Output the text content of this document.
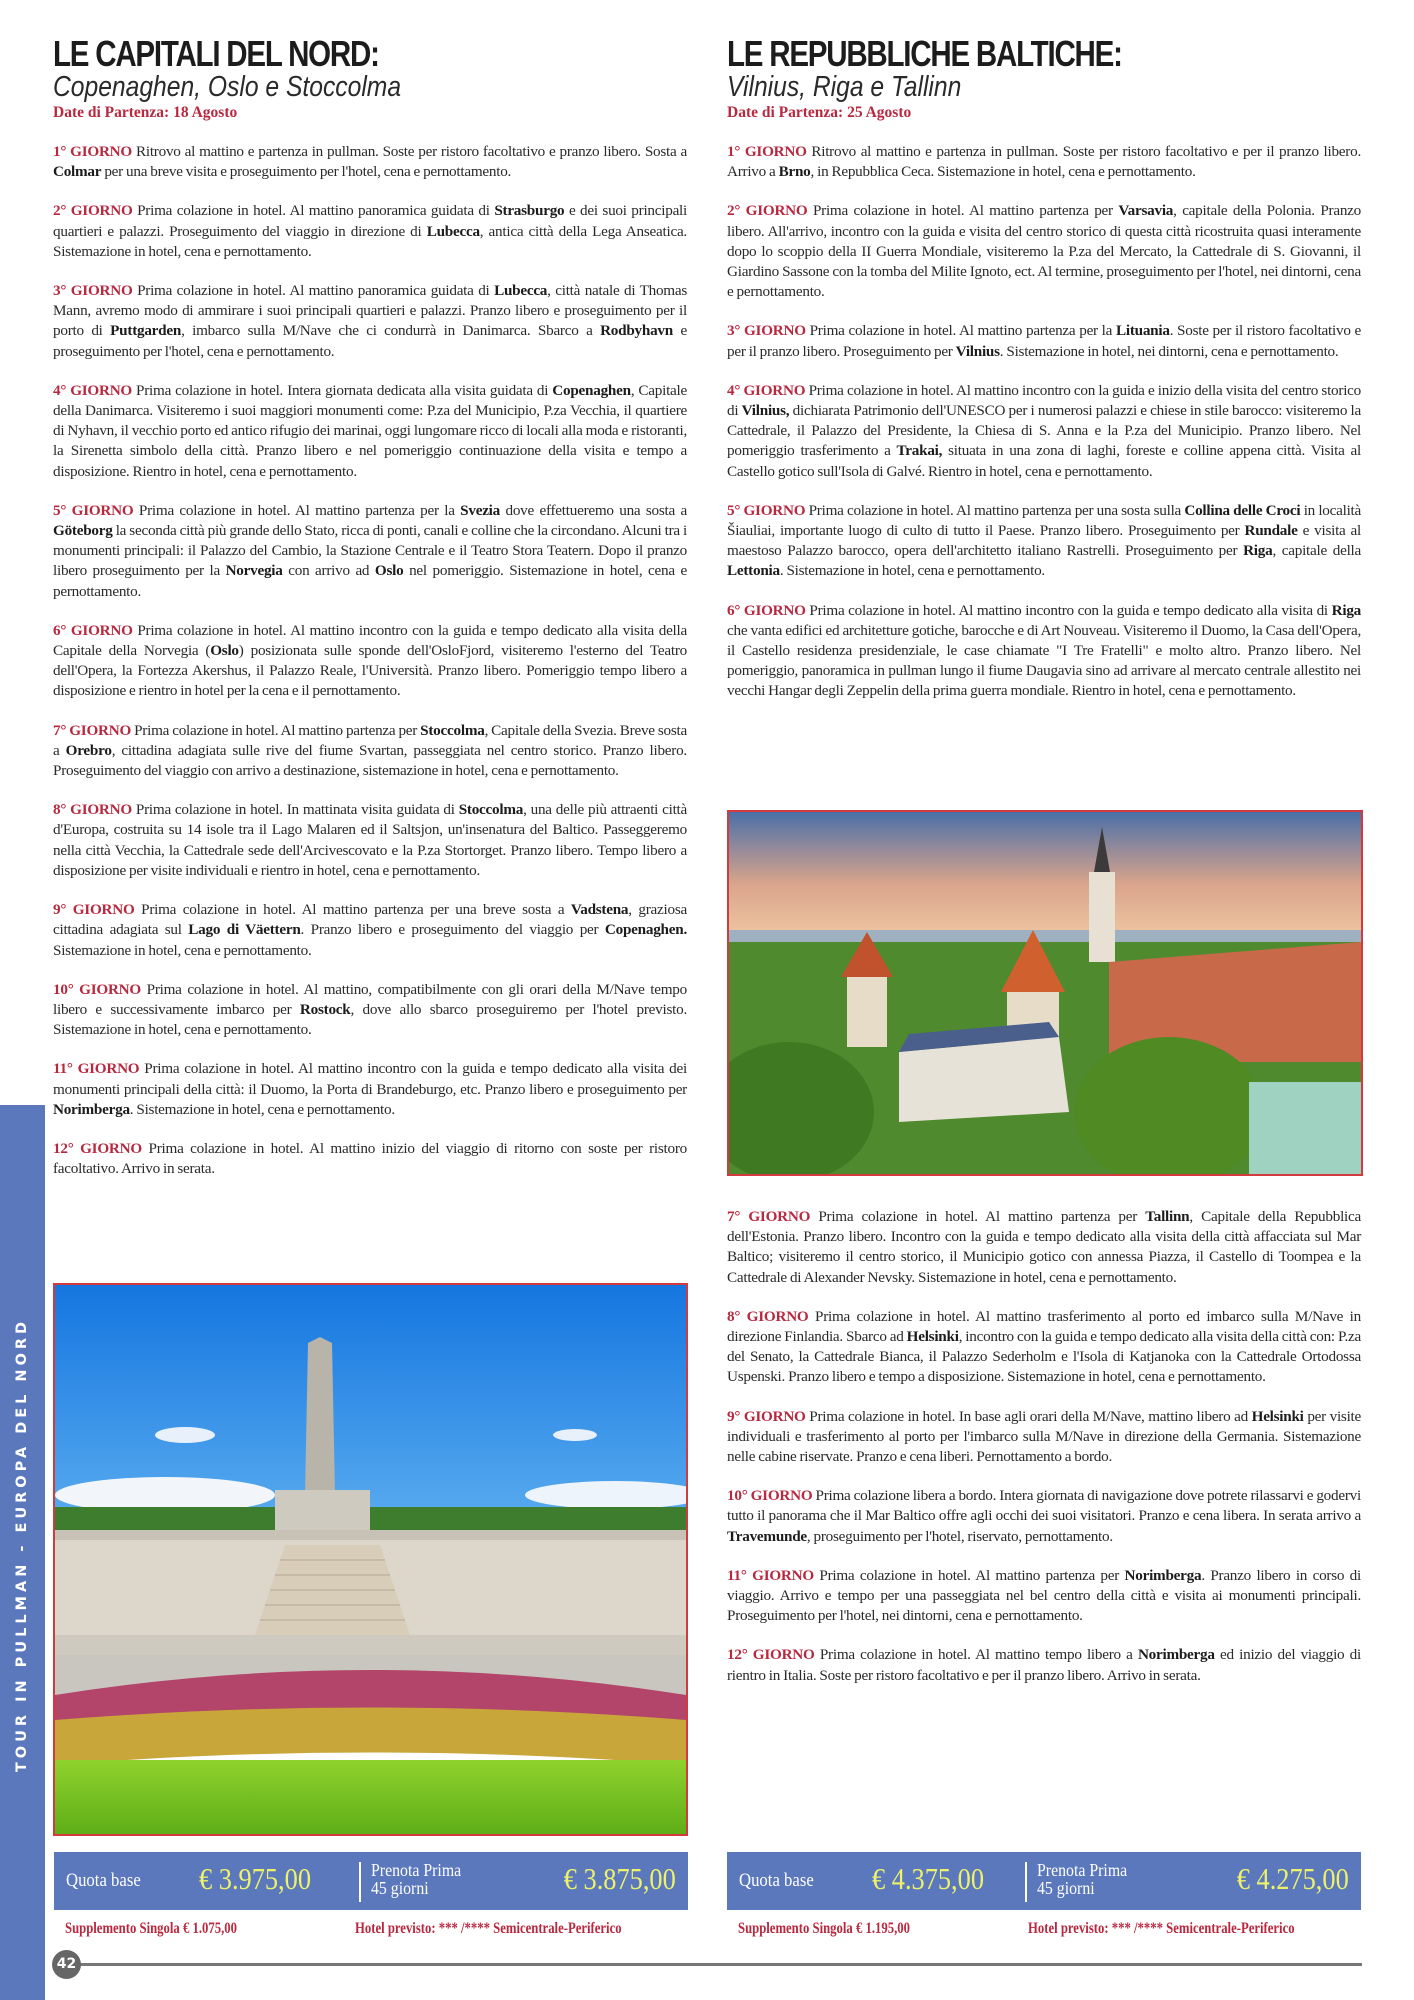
TOUR IN PULLMAN - EUROPA DEL NORD
LE CAPITALI DEL NORD:
Copenaghen, Oslo e Stoccolma
Date di Partenza: 18 Agosto

1° GIORNO Ritrovo al mattino e partenza in pullman. Soste per ristoro facoltativo e pranzo libero. Sosta a Colmar per una breve visita e proseguimento per l'hotel, cena e pernottamento.

2° GIORNO Prima colazione in hotel. Al mattino panoramica guidata di Strasburgo e dei suoi principali quartieri e palazzi. Proseguimento del viaggio in direzione di Lubecca, antica città della Lega Anseatica. Sistemazione in hotel, cena e pernottamento.

3° GIORNO Prima colazione in hotel. Al mattino panoramica guidata di Lubecca, città natale di Thomas Mann, avremo modo di ammirare i suoi principali quartieri e palazzi. Pranzo libero e proseguimento per il porto di Puttgarden, imbarco sulla M/Nave che ci condurrà in Danimarca. Sbarco a Rodbyhavn e proseguimento per l'hotel, cena e pernottamento.

4° GIORNO Prima colazione in hotel. Intera giornata dedicata alla visita guidata di Copenaghen, Capitale della Danimarca. Visiteremo i suoi maggiori monumenti come: P.za del Municipio, P.za Vecchia, il quartiere di Nyhavn, il vecchio porto ed antico rifugio dei marinai, oggi lungomare ricco di locali alla moda e ristoranti, la Sirenetta simbolo della città. Pranzo libero e nel pomeriggio continuazione della visita e tempo a disposizione. Rientro in hotel, cena e pernottamento.

5° GIORNO Prima colazione in hotel. Al mattino partenza per la Svezia dove effettueremo una sosta a Göteborg la seconda città più grande dello Stato, ricca di ponti, canali e colline che la circondano. Alcuni tra i monumenti principali: il Palazzo del Cambio, la Stazione Centrale e il Teatro Stora Teatern. Dopo il pranzo libero proseguimento per la Norvegia con arrivo ad Oslo nel pomeriggio. Sistemazione in hotel, cena e pernottamento.

6° GIORNO Prima colazione in hotel. Al mattino incontro con la guida e tempo dedicato alla visita della Capitale della Norvegia (Oslo) posizionata sulle sponde dell'OsloFjord, visiteremo l'esterno del Teatro dell'Opera, la Fortezza Akershus, il Palazzo Reale, l'Università. Pranzo libero. Pomeriggio tempo libero a disposizione e rientro in hotel per la cena e il pernottamento.

7° GIORNO Prima colazione in hotel. Al mattino partenza per Stoccolma, Capitale della Svezia. Breve sosta a Orebro, cittadina adagiata sulle rive del fiume Svartan, passeggiata nel centro storico. Pranzo libero. Proseguimento del viaggio con arrivo a destinazione, sistemazione in hotel, cena e pernottamento.

8° GIORNO Prima colazione in hotel. In mattinata visita guidata di Stoccolma, una delle più attraenti città d'Europa, costruita su 14 isole tra il Lago Malaren ed il Saltsjon, un'insenatura del Baltico. Passeggeremo nella città Vecchia, la Cattedrale sede dell'Arcivescovato e la P.za Stortorget. Pranzo libero. Tempo libero a disposizione per visite individuali e rientro in hotel, cena e pernottamento.

9° GIORNO Prima colazione in hotel. Al mattino partenza per una breve sosta a Vadstena, graziosa cittadina adagiata sul Lago di Väettern. Pranzo libero e proseguimento del viaggio per Copenaghen. Sistemazione in hotel, cena e pernottamento.

10° GIORNO Prima colazione in hotel. Al mattino, compatibilmente con gli orari della M/Nave tempo libero e successivamente imbarco per Rostock, dove allo sbarco proseguiremo per l'hotel previsto. Sistemazione in hotel, cena e pernottamento.

11° GIORNO Prima colazione in hotel. Al mattino incontro con la guida e tempo dedicato alla visita dei monumenti principali della città: il Duomo, la Porta di Brandeburgo, etc. Pranzo libero e proseguimento per Norimberga. Sistemazione in hotel, cena e pernottamento.

12° GIORNO Prima colazione in hotel. Al mattino inizio del viaggio di ritorno con soste per ristoro facoltativo. Arrivo in serata.

LE REPUBBLICHE BALTICHE:
Vilnius, Riga e Tallinn
Date di Partenza: 25 Agosto

1° GIORNO Ritrovo al mattino e partenza in pullman. Soste per ristoro facoltativo e per il pranzo libero. Arrivo a Brno, in Repubblica Ceca. Sistemazione in hotel, cena e pernottamento.

2° GIORNO Prima colazione in hotel. Al mattino partenza per Varsavia, capitale della Polonia. Pranzo libero. All'arrivo, incontro con la guida e visita del centro storico di questa città ricostruita quasi interamente dopo lo scoppio della II Guerra Mondiale, visiteremo la P.za del Mercato, la Cattedrale di S. Giovanni, il Giardino Sassone con la tomba del Milite Ignoto, ect. Al termine, proseguimento per l'hotel, nei dintorni, cena e pernottamento.

3° GIORNO Prima colazione in hotel. Al mattino partenza per la Lituania. Soste per il ristoro facoltativo e per il pranzo libero. Proseguimento per Vilnius. Sistemazione in hotel, nei dintorni, cena e pernottamento.

4° GIORNO Prima colazione in hotel. Al mattino incontro con la guida e inizio della visita del centro storico di Vilnius, dichiarata Patrimonio dell'UNESCO per i numerosi palazzi e chiese in stile barocco: visiteremo la Cattedrale, il Palazzo del Presidente, la Chiesa di S. Anna e la P.za del Municipio. Pranzo libero. Nel pomeriggio trasferimento a Trakai, situata in una zona di laghi, foreste e colline appena città. Visita al Castello gotico sull'Isola di Galvé. Rientro in hotel, cena e pernottamento.

5° GIORNO Prima colazione in hotel. Al mattino partenza per una sosta sulla Collina delle Croci in località Šiauliai, importante luogo di culto di tutto il Paese. Pranzo libero. Proseguimento per Rundale e visita al maestoso Palazzo barocco, opera dell'architetto italiano Rastrelli. Proseguimento per Riga, capitale della Lettonia. Sistemazione in hotel, cena e pernottamento.

6° GIORNO Prima colazione in hotel. Al mattino incontro con la guida e tempo dedicato alla visita di Riga che vanta edifici ed architetture gotiche, barocche e di Art Nouveau. Visiteremo il Duomo, la Casa dell'Opera, il Castello residenza presidenziale, le case chiamate "I Tre Fratelli" e molto altro. Pranzo libero. Nel pomeriggio, panoramica in pullman lungo il fiume Daugavia sino ad arrivare al mercato centrale allestito nei vecchi Hangar degli Zeppelin della prima guerra mondiale. Rientro in hotel, cena e pernottamento.

7° GIORNO Prima colazione in hotel. Al mattino partenza per Tallinn, Capitale della Repubblica dell'Estonia. Pranzo libero. Incontro con la guida e tempo dedicato alla visita della città affacciata sul Mar Baltico; visiteremo il centro storico, il Municipio gotico con annessa Piazza, il Castello di Toompea e la Cattedrale di Alexander Nevsky. Sistemazione in hotel, cena e pernottamento.

8° GIORNO Prima colazione in hotel. Al mattino trasferimento al porto ed imbarco sulla M/Nave in direzione Finlandia. Sbarco ad Helsinki, incontro con la guida e tempo dedicato alla visita della città con: P.za del Senato, la Cattedrale Bianca, il Palazzo Sederholm e l'Isola di Katjanoka con la Cattedrale Ortodossa Uspenski. Pranzo libero e tempo a disposizione. Sistemazione in hotel, cena e pernottamento.

9° GIORNO Prima colazione in hotel. In base agli orari della M/Nave, mattino libero ad Helsinki per visite individuali e trasferimento al porto per l'imbarco sulla M/Nave in direzione della Germania. Sistemazione nelle cabine riservate. Pranzo e cena liberi. Pernottamento a bordo.

10° GIORNO Prima colazione libera a bordo. Intera giornata di navigazione dove potrete rilassarvi e godervi tutto il panorama che il Mar Baltico offre agli occhi dei suoi visitatori. Pranzo e cena libera. In serata arrivo a Travemunde, proseguimento per l'hotel, riservato, pernottamento.

11° GIORNO Prima colazione in hotel. Al mattino partenza per Norimberga. Pranzo libero in corso di viaggio. Arrivo e tempo per una passeggiata nel bel centro della città e visita ai monumenti principali. Proseguimento per l'hotel, nei dintorni, cena e pernottamento.

12° GIORNO Prima colazione in hotel. Al mattino tempo libero a Norimberga ed inizio del viaggio di rientro in Italia. Soste per ristoro facoltativo e per il pranzo libero. Arrivo in serata.

Quota base € 3.975,00	Prenota Prima
45 giorni	€ 3.875,00
Supplemento Singola € 1.075,00	Hotel previsto: *** /**** Semicentrale-Periferico
Quota base € 4.375,00	Prenota Prima
45 giorni	€ 4.275,00
Supplemento Singola € 1.195,00	Hotel previsto: *** /**** Semicentrale-Periferico
42
